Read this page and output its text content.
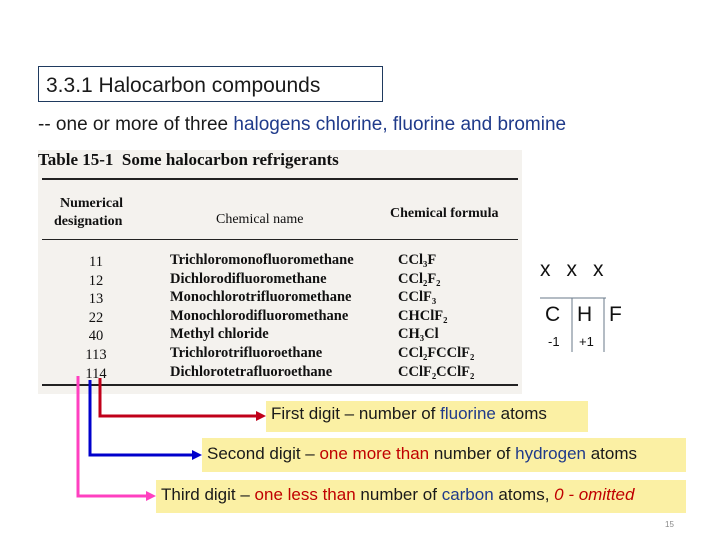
3.3.1 Halocarbon compounds
-- one or more of three halogens chlorine, fluorine and bromine
Table 15-1 Some halocarbon refrigerants
Numerical
designation	Chemical name	Chemical formula
11
12
13
22
40
113
114
Trichloromonofluoromethane
Dichlorodifluoromethane
Monochlorotrifluoromethane
Monochlorodifluoromethane
Methyl chloride
Trichlorotrifluoroethane
Dichlorotetrafluoroethane
CCl₃F
CCl₂F₂
CClF₃
CHClF₂
CH₃Cl
CCl₂FCClF₂
CClF₂CClF₂
x x x
C H F
-1 +1
First digit – number of fluorine atoms
Second digit – one more than number of hydrogen atoms
Third digit – one less than number of carbon atoms, 0 - omitted
15
